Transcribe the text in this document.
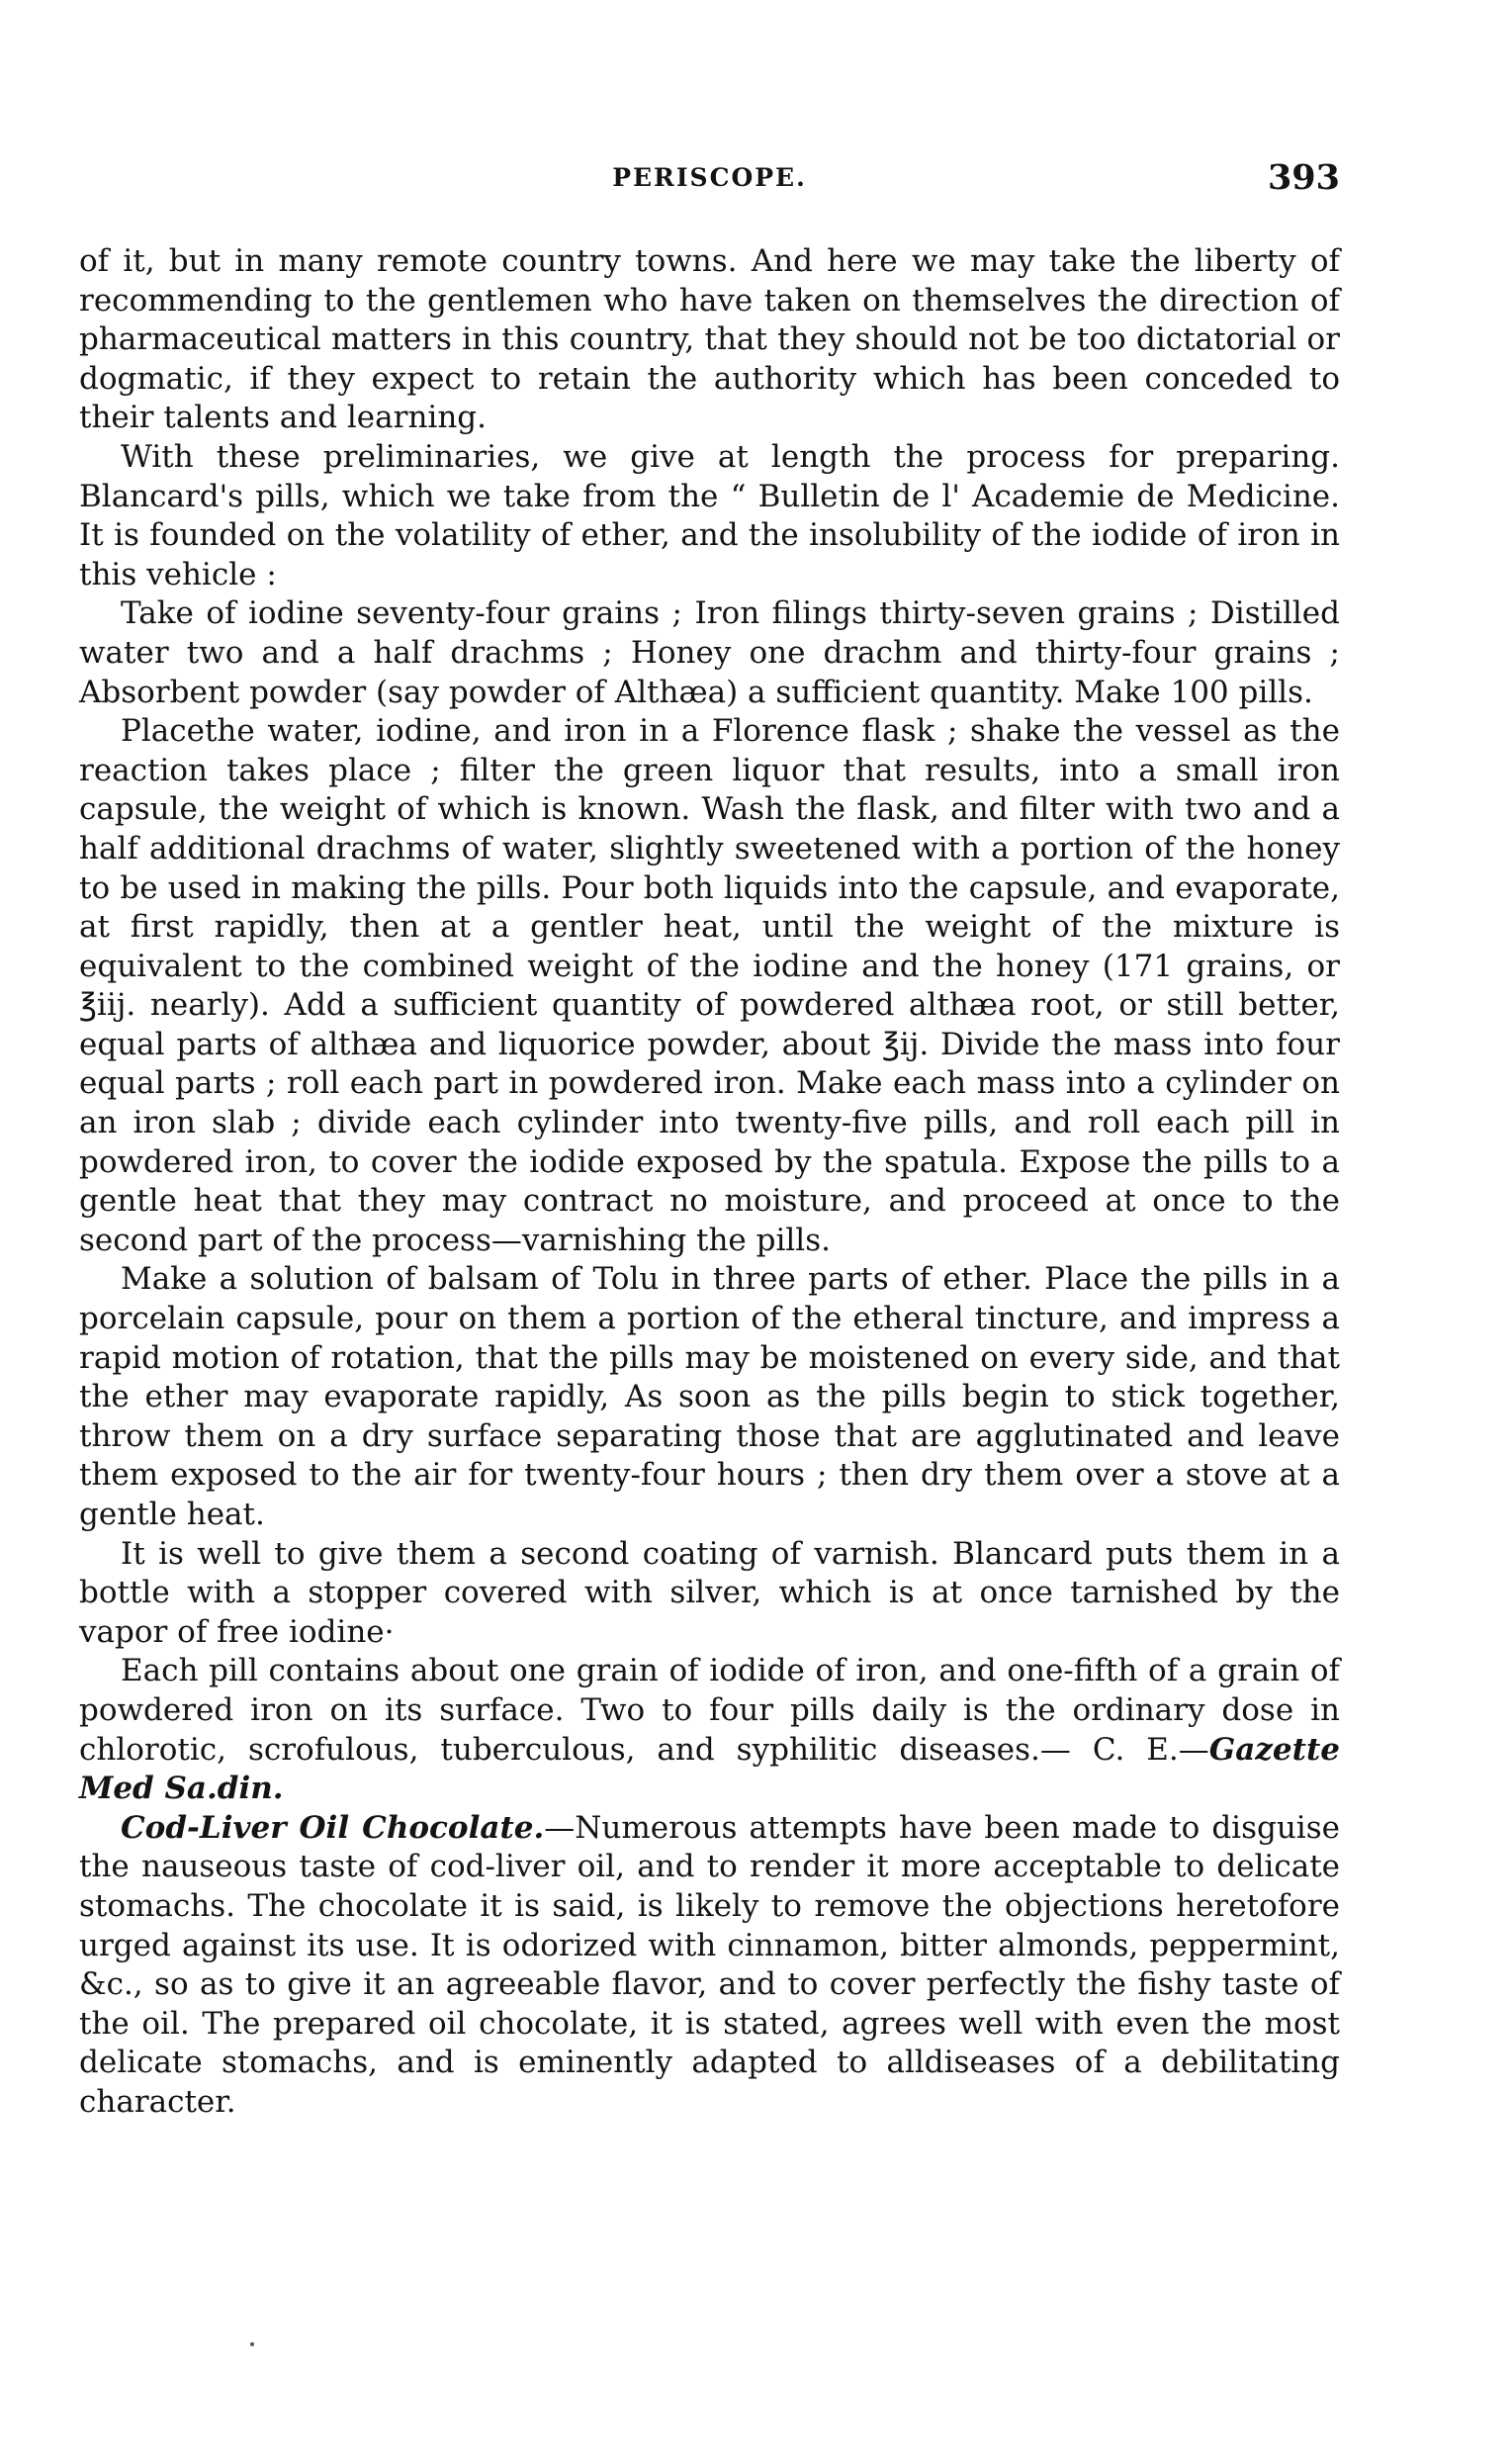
PERISCOPE.	393

of it, but in many remote country towns. And here we may take the liberty of recommending to the gentlemen who have taken on themselves the direction of pharmaceutical matters in this country, that they should not be too dictatorial or dogmatic, if they expect to retain the authority which has been conceded to their talents and learning.

With these preliminaries, we give at length the process for preparing. Blancard's pills, which we take from the “ Bulletin de l' Academie de Medicine. It is founded on the volatility of ether, and the insolubility of the iodide of iron in this vehicle :

Take of iodine seventy-four grains ; Iron filings thirty-seven grains ; Distilled water two and a half drachms ; Honey one drachm and thirty-four grains ; Absorbent powder (say powder of Althæa) a sufficient quantity. Make 100 pills.

Placethe water, iodine, and iron in a Florence flask ; shake the vessel as the reaction takes place ; filter the green liquor that results, into a small iron capsule, the weight of which is known. Wash the flask, and filter with two and a half additional drachms of water, slightly sweetened with a portion of the honey to be used in making the pills. Pour both liquids into the capsule, and evaporate, at first rapidly, then at a gentler heat, until the weight of the mixture is equivalent to the combined weight of the iodine and the honey (171 grains, or ℥iij. nearly). Add a sufficient quantity of powdered althæa root, or still better, equal parts of althæa and liquorice powder, about ℥ij. Divide the mass into four equal parts ; roll each part in powdered iron. Make each mass into a cylinder on an iron slab ; divide each cylinder into twenty-five pills, and roll each pill in powdered iron, to cover the iodide exposed by the spatula. Expose the pills to a gentle heat that they may contract no moisture, and proceed at once to the second part of the process—varnishing the pills.

Make a solution of balsam of Tolu in three parts of ether. Place the pills in a porcelain capsule, pour on them a portion of the etheral tincture, and impress a rapid motion of rotation, that the pills may be moistened on every side, and that the ether may evaporate rapidly, As soon as the pills begin to stick together, throw them on a dry surface separating those that are agglutinated and leave them exposed to the air for twenty-four hours ; then dry them over a stove at a gentle heat.

It is well to give them a second coating of varnish. Blancard puts them in a bottle with a stopper covered with silver, which is at once tarnished by the vapor of free iodine·

Each pill contains about one grain of iodide of iron, and one-fifth of a grain of powdered iron on its surface. Two to four pills daily is the ordinary dose in chlorotic, scrofulous, tuberculous, and syphilitic diseases.— C. E.—Gazette Med Sa.din.

Cod-Liver Oil Chocolate.—Numerous attempts have been made to disguise the nauseous taste of cod-liver oil, and to render it more acceptable to delicate stomachs. The chocolate it is said, is likely to remove the objections heretofore urged against its use. It is odorized with cinnamon, bitter almonds, peppermint, &c., so as to give it an agreeable flavor, and to cover perfectly the fishy taste of the oil. The prepared oil chocolate, it is stated, agrees well with even the most delicate stomachs, and is eminently adapted to alldiseases of a debilitating character.
